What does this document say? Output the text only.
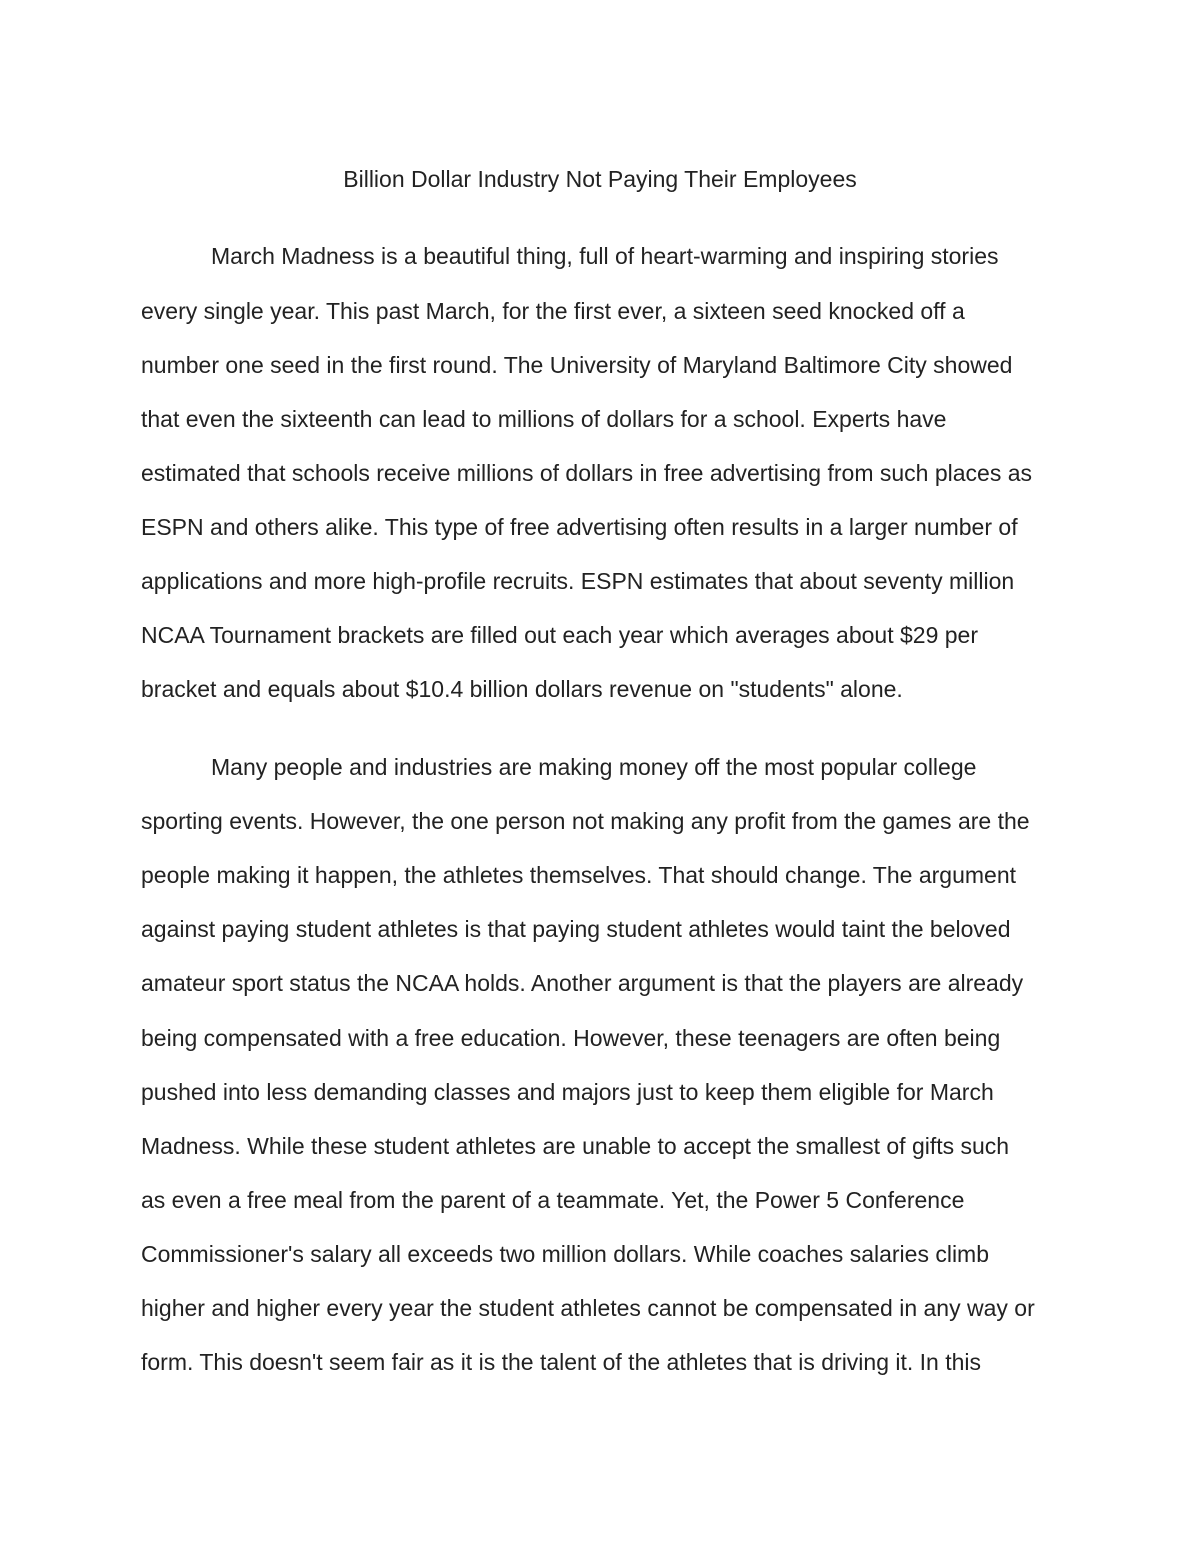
Billion Dollar Industry Not Paying Their Employees

March Madness is a beautiful thing, full of heart-warming and inspiring stories

every single year. This past March, for the first ever, a sixteen seed knocked off a

number one seed in the first round. The University of Maryland Baltimore City showed

that even the sixteenth can lead to millions of dollars for a school. Experts have

estimated that schools receive millions of dollars in free advertising from such places as

ESPN and others alike. This type of free advertising often results in a larger number of

applications and more high-profile recruits. ESPN estimates that about seventy million

NCAA Tournament brackets are filled out each year which averages about $29 per

bracket and equals about $10.4 billion dollars revenue on "students" alone.

Many people and industries are making money off the most popular college

sporting events. However, the one person not making any profit from the games are the

people making it happen, the athletes themselves. That should change. The argument

against paying student athletes is that paying student athletes would taint the beloved

amateur sport status the NCAA holds. Another argument is that the players are already

being compensated with a free education. However, these teenagers are often being

pushed into less demanding classes and majors just to keep them eligible for March

Madness. While these student athletes are unable to accept the smallest of gifts such

as even a free meal from the parent of a teammate. Yet, the Power 5 Conference

Commissioner's salary all exceeds two million dollars. While coaches salaries climb

higher and higher every year the student athletes cannot be compensated in any way or

form. This doesn't seem fair as it is the talent of the athletes that is driving it. In this
